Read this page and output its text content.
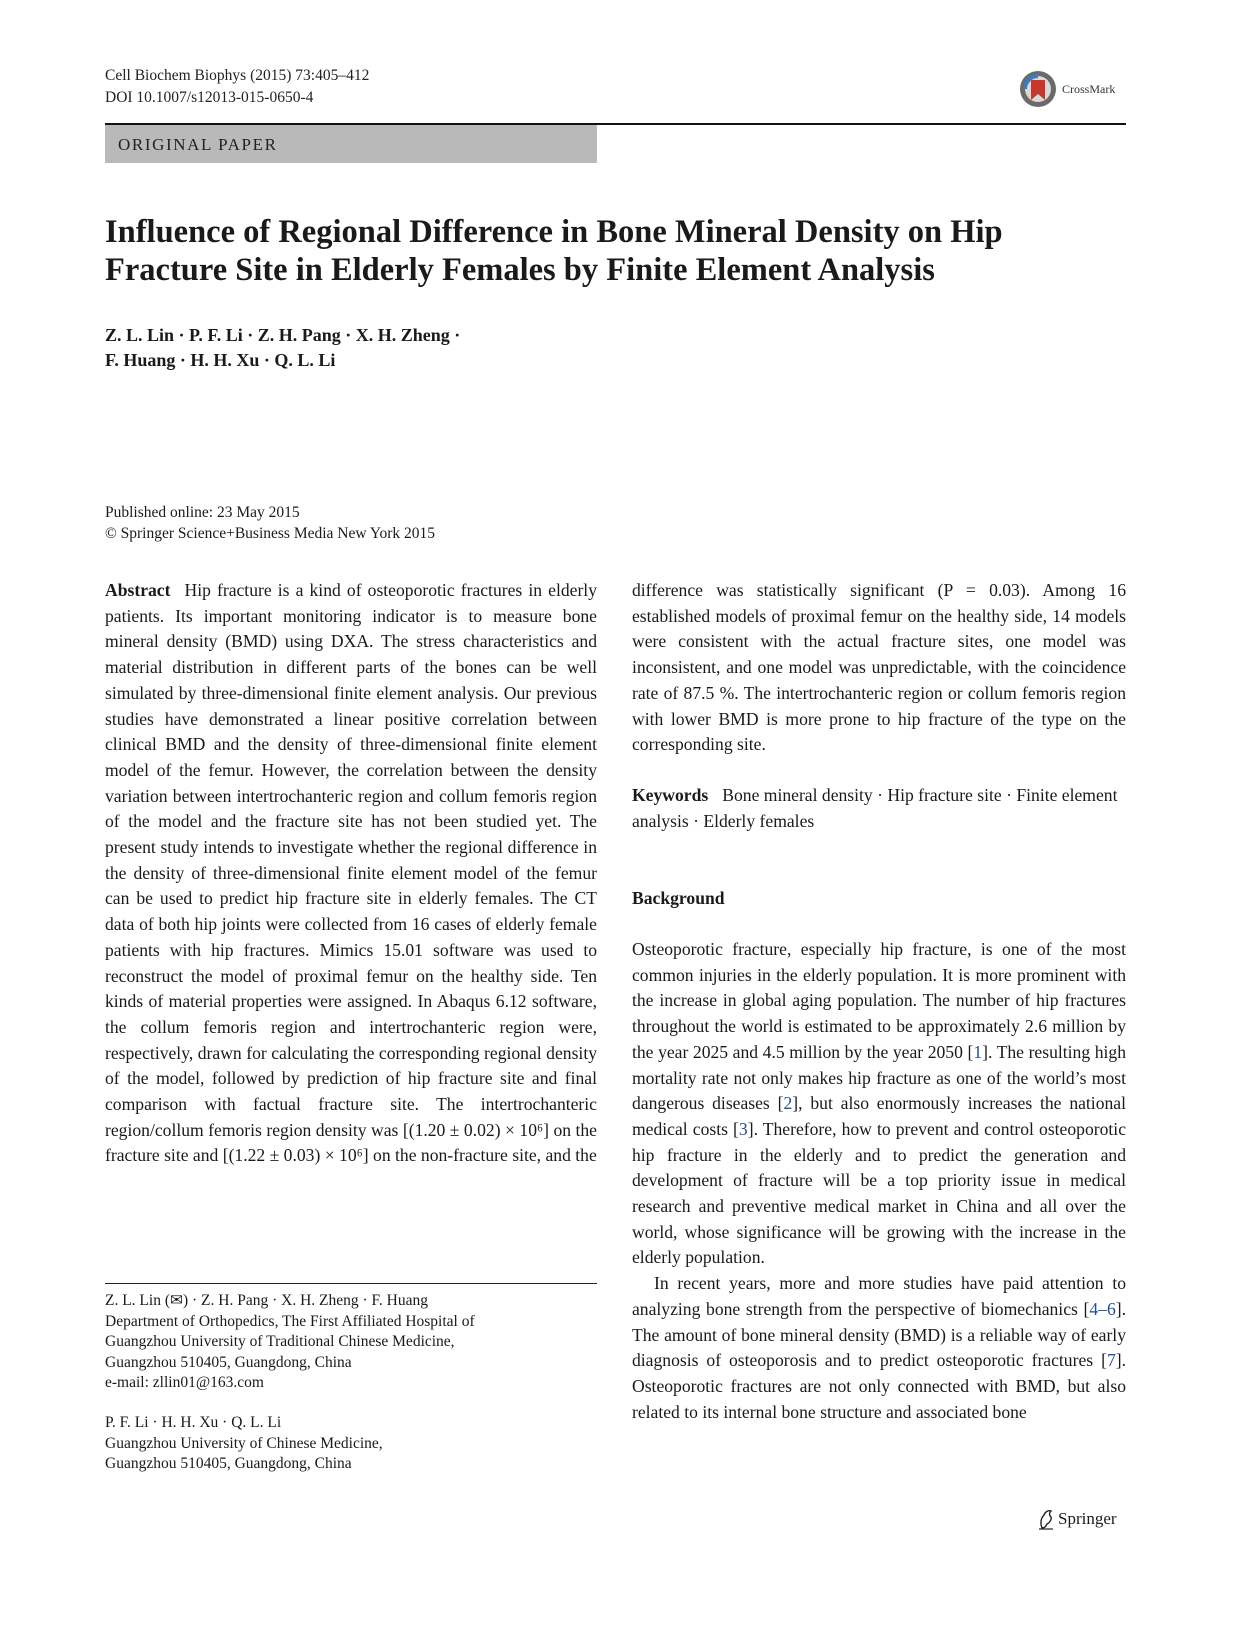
Cell Biochem Biophys (2015) 73:405–412
DOI 10.1007/s12013-015-0650-4	CrossMark
ORIGINAL PAPER
Influence of Regional Difference in Bone Mineral Density on Hip Fracture Site in Elderly Females by Finite Element Analysis
Z. L. Lin · P. F. Li · Z. H. Pang · X. H. Zheng ·
F. Huang · H. H. Xu · Q. L. Li
Published online: 23 May 2015
© Springer Science+Business Media New York 2015

Abstract Hip fracture is a kind of osteoporotic fractures in elderly patients. Its important monitoring indicator is to measure bone mineral density (BMD) using DXA. The stress characteristics and material distribution in different parts of the bones can be well simulated by three-dimensional finite element analysis. Our previous studies have demonstrated a linear positive correlation between clinical BMD and the density of three-dimensional finite element model of the femur. However, the correlation between the density variation between intertrochanteric region and collum femoris region of the model and the fracture site has not been studied yet. The present study intends to investigate whether the regional difference in the density of three-dimensional finite element model of the femur can be used to predict hip fracture site in elderly females. The CT data of both hip joints were collected from 16 cases of elderly female patients with hip fractures. Mimics 15.01 software was used to reconstruct the model of proximal femur on the healthy side. Ten kinds of material properties were assigned. In Abaqus 6.12 software, the collum femoris region and intertrochanteric region were, respectively, drawn for calculating the corresponding regional density of the model, followed by prediction of hip fracture site and final comparison with factual fracture site. The intertrochanteric region/collum femoris region density was [(1.20 ± 0.02) × 10⁶] on the fracture site and [(1.22 ± 0.03) × 10⁶] on the non-fracture site, and the

difference was statistically significant (P = 0.03). Among 16 established models of proximal femur on the healthy side, 14 models were consistent with the actual fracture sites, one model was inconsistent, and one model was unpredictable, with the coincidence rate of 87.5 %. The intertrochanteric region or collum femoris region with lower BMD is more prone to hip fracture of the type on the corresponding site.

Keywords Bone mineral density · Hip fracture site · Finite element analysis · Elderly females

Background

Osteoporotic fracture, especially hip fracture, is one of the most common injuries in the elderly population. It is more prominent with the increase in global aging population. The number of hip fractures throughout the world is estimated to be approximately 2.6 million by the year 2025 and 4.5 million by the year 2050 [1]. The resulting high mortality rate not only makes hip fracture as one of the world’s most dangerous diseases [2], but also enormously increases the national medical costs [3]. Therefore, how to prevent and control osteoporotic hip fracture in the elderly and to predict the generation and development of fracture will be a top priority issue in medical research and preventive medical market in China and all over the world, whose significance will be growing with the increase in the elderly population.

In recent years, more and more studies have paid attention to analyzing bone strength from the perspective of biomechanics [4–6]. The amount of bone mineral density (BMD) is a reliable way of early diagnosis of osteoporosis and to predict osteoporotic fractures [7]. Osteoporotic fractures are not only connected with BMD, but also related to its internal bone structure and associated bone

Z. L. Lin (✉) · Z. H. Pang · X. H. Zheng · F. Huang
Department of Orthopedics, The First Affiliated Hospital of
Guangzhou University of Traditional Chinese Medicine,
Guangzhou 510405, Guangdong, China
e-mail: zllin01@163.com
P. F. Li · H. H. Xu · Q. L. Li
Guangzhou University of Chinese Medicine,
Guangzhou 510405, Guangdong, China
Springer
